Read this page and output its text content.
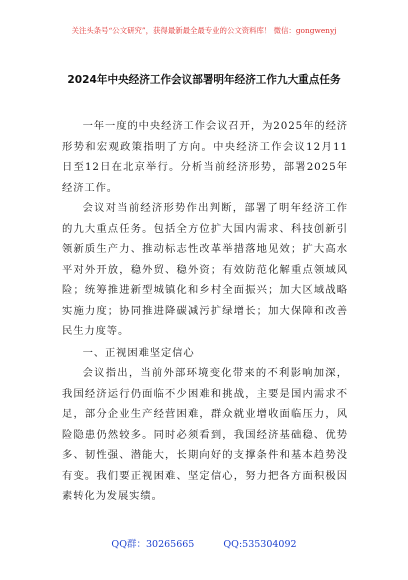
关注头条号“公文研究”，获得最新最全最专业的公文资料库！ 微信：gongwenyj
2024年中央经济工作会议部署明年经济工作九大重点任务

一年一度的中央经济工作会议召开，为2025年的经济形势和宏观政策指明了方向。中央经济工作会议12月11日至12日在北京举行。分析当前经济形势，部署2025年经济工作。

会议对当前经济形势作出判断，部署了明年经济工作的九大重点任务。包括全方位扩大国内需求、科技创新引领新质生产力、推动标志性改革举措落地见效；扩大高水平对外开放，稳外贸、稳外资；有效防范化解重点领域风险；统筹推进新型城镇化和乡村全面振兴；加大区域战略实施力度；协同推进降碳减污扩绿增长；加大保障和改善民生力度等。

一、正视困难坚定信心

会议指出，当前外部环境变化带来的不利影响加深，我国经济运行仍面临不少困难和挑战，主要是国内需求不足，部分企业生产经营困难，群众就业增收面临压力，风险隐患仍然较多。同时必须看到，我国经济基础稳、优势多、韧性强、潜能大，长期向好的支撑条件和基本趋势没有变。我们要正视困难、坚定信心，努力把各方面积极因素转化为发展实绩。

QQ群：30265665	QQ:535304092
